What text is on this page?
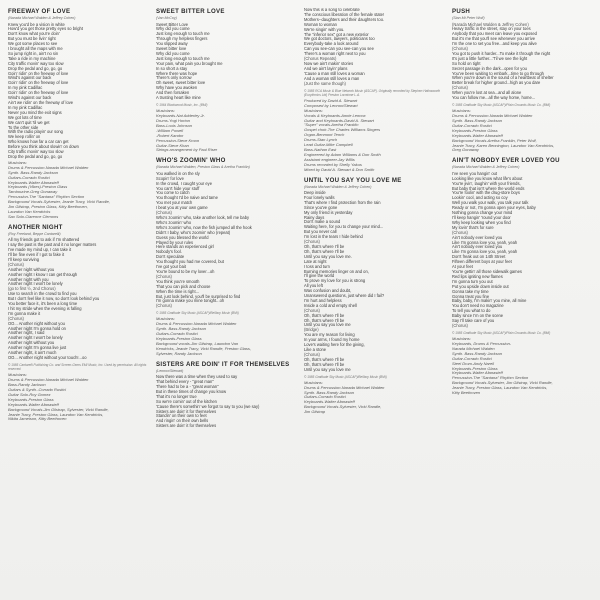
FREEWAY OF LOVE
(Narada Michael Walden & Jeffrey Cohen)

Knew you'd be a vision in white

How'd you get those pretty eyes so bright

Don't know what you're doin'

But you must be livin' right

We got some places to see

I brought all the maps with me

So jump right in, ain't no sin

Take a ride in my machine

City traffic movin' way too slow

Drop the pedal and go, go, go

Goin' ridin' on the freeway of love

Wind's against our back

Goin' ridin' on the freeway of love

In my pink Cadillac

Goin' ridin' on the freeway of love

Wind's against our back

Ain't we ridin' on the freeway of love

In my pink Cadillac

Never you mind the exit signs

We got lots of time

We can't quit 'til we get

To the other side

With the radio playin' our song

We keep rollin' on

Who knows how far a car can get

Before you think about slowin' on down

City traffic movin' way too slow

Drop the pedal and go, go, go

Musicians:

Drums & Percussion-Narada Michael Walden

Synth. Bass-Randy Jackson

Guitars-Corrado Rustici

Keyboards-Walter Afanasieff

Keyboards (Vibes)-Preston Glass

Tambourine-Greg Gonaway

Percussion-The "Santana" Rhythm Section

Background Vocals-Sylvester, Jeanie Tracy, Vicki Randle,

Jim Gilstrap, Preston Glass, Kitty Beethoven,

Laundon Van Kendricks

Sax Solo-Clarence Clemons

ANOTHER NIGHT
(Roy Freeland, Beppe Cantarelli)

All my friends got to ask if I'm shattered

I say the past is the past and it no longer matters

I've made my mind up, I can take it

I'll be fine even if I got to fake it

I'll keep surviving

(Chorus)

Another night without you

Another night I know I can get through

Another night with you

Another night I won't be lonely

(go to first ½, 2nd Chorus)

Use to search in the crowd to find you

But I don't feel like it now, so don't look behind you

You better face it, it's been a long time

I hit my stride when the evening is falling

I'm gonna make it

(Chorus)

OO... Another night without you

Another night I'm gonna hold on

Another night, I said

Another night I won't be lonely

Another night without you

Another night I'm gonna live just

Another night, it ain't much

OO... Another night without your touch!...oo

© 1985 Cantarelli Publishing Co. and Screen-Gems EMI Music, Inc. Used by permission. All rights reserved.

Musicians:

Drums & Percussion-Narada Michael Walden

Bass-Randy Jackson

Guitars & Synth.-Corrado Rustici

Guitar Solo-Roy Gomez

Keyboards-Preston Glass

Keyboards-Walter Afanasieff

Background Vocals-Jim Gilstrap, Sylvester, Vicki Randle,

Jeanie Tracy, Preston Glass, Laundon Van Kendricks,

Nikita Jameison, Kitty Beethoven

SWEET BITTER LOVE
(Van McCoy)

Sweet Bitter Love

Why did you come

Just long enough to touch me

Through my helpless fingers

You slipped away

Sweet bitter love

Why did you come

Just long enough to touch me

Your pain, what pain you brought me

In so short a stay

Where there was hope

There's only sorrow

Oh sweet, sweet bitter love

Why have you awoken

And then forsaken

A trusting heart like mine

© 1964 Blackwood Music, Inc. (BMI)

Musicians:

Keyboards-Nat Adderley Jr.

Drums-Yogi Horton

Bass-Louis Johnson

-William Powell

-Robert Kandor

Percussion-Steve Kroon

Guitar-Steve Khan

Strings arrangement by Paul Riser

WHO'S ZOOMIN' WHO
(Narada Michael Walden, Preston Glass & Aretha Franklin)

You walked in on the sly

Scopin' for love

In the crowd, I caught your eye

You can't hide your stuff

You come to catch

You thought I'd be naive and tame

You met your match

I beat you at your own game

(Chorus)

Who's zoomin' who, take another look, tell me baby

Who's zoomin' who

Who's zoomin' who, now the fish jumped all the hook

Didn't I baby, who's zoomin' who (repeat)

Guess you blessed the world

Played by your rules

Here stands an experienced girl

Nobody's fool.

Don't speculate

You thought you had me covered, but

I've got your bait

You're bound to be my lover...oh

(Chorus)

You think you're smooth

That you can pick and choose

When the time is right...

But, just look behind, you'll be surprised to find

I'm gonna make you mine tonight...oh

(Chorus)

© 1985 Gratitude Sky Music (ASCAP)/Bellboy Music (BMI)

Musicians:

Drums & Percussion-Narada Michael Walden

Synth. Bass-Randy Jackson

Guitars-Corrado Rustici

Keyboards-Preston Glass

Background vocals-Jim Gilstrap, Laundon Van

Kendricks, Jeanie Tracy, Vicki Randle, Preston Glass,

Sylvester, Randy Jackson

SISTERS ARE DOIN' IT FOR THEMSELVES
(Lennox/Stewart)

Now there was a time when they used to say

That behind every - "great man"

There had to be a - "great woman"

But in these times of change you know

That it's no longer true

So we're comin' out of the kitchen

'Cause there's somethin' we forgot to say to you (we say)

Sisters are doin' it for themselves

Standin' on their own to feet

And ringin' on their own bells

Sisters are doin' it for themselves

Now this is a song to celebrate

The conscious liberation of the female state!

Mothers--daughters and their daughters too.

Woman to woman

We're singin' with you.

The "inferior sex" got a new exterior

We got doctors, lawyers, politicians too

Everybody-take a look around

Can you see-can you see-can you see

There's a woman right next to you

(Chorus Repeats)

Now we ain't makin' stories

And we ain't layin' plans

'Cause a man still loves a woman

And a woman still loves a man

(Just the same though)

© 1985 RCA Music & Blue Network Music (ASCAP). Originally recorded by Stephen Hatinsworth (Eurythmics Ltd) Preston Lorrainne L.A.

Produced by David A. Stewart

Composed by Lennox/Stewart

Musicians:

Vocals & Keyboards-Annie Lennox

Guitar and Keyboards-David A. Stewart

"Super" vocals-Aretha Franklin

Gospel choir-The Charles Williams Singers

Organ-Benmont Tench

Drums-Stan Lynch

Lead Guitar-Mike Campbell

Bass-Nathan East

Engineered by Adam Williams & Don Smith

Assistant engineer-Jay Willis

Drums recorded by Shelly Yakus

Mixed by David A. Stewart & Don Smith

UNTIL YOU SAY YOU LOVE ME
(Narada Michael Walden & Jeffrey Cohen)

Deep inside

Four lonely walls

That's where I find protection from the rain

Since you've gone

My only friend is yesterday

Rainy days

Don't make a sound

Waiting here, for you to change your mind...

But you never call

I'm lost in the tears I hide behind

(Chorus)

Oh, that's where I'll be

Oh, that's where I'll be

Until you say you love me.

Late at night

I toss and turn

Burning memories linger on and on,

I'll give the world

To prove my love for you is strong

All you left

Was confusion and doubt,

Unanswered questions, just where did I fail?

I'm hurt and helpless

Inside a cold and empty shell

(Chorus)

Oh, that's where I'll be

Oh, that's where I'll be

Until you say you love me

(Bridge)

You are my reason for living

In your arms, I found my home

Love's waiting here for the giving,

Like a stone

(Chorus)

Oh, that's where I'll be

Oh, that's where I'll be

Until you say you love me

© 1985 Gratitude Sky Music (ASCAP)/Bellboy Music (BMI)

Musicians:

Drums & Percussion-Narada Michael Walden

Synth. Bass-Randy Jackson

Guitars-Corrado Rustici

Keyboards-Walter Afanasieff

Background Vocals-Sylvester, Vicki Randle,

Jim Gilstrap

PUSH
(Stan Mt Peter Wolf)

(Narada Michael Walden & Jeffrey Cohen)

Heavy traffic in the street, stay on your toes

Anybody that you meet can leave you exposed

But it's me that you'll see whenever you arrive

I'm the one to set you free...and keep you alive

(Chorus)

You got to push it harder...To make it through the night

It's just a little further...'Til we see the light

So hold on tight

Secret passage in the dark...open for you

You've been waiting to embark...time to go through

When you're down in the sound of a heartbeat of shelter

Better break for higher ground...high as you dare

(Chorus)

When you're lost at sea...and all alone

You can follow me...all the way home, home...

© 1985 Gratitude Sky Music (ASCAP)/Plain Grounds Music Co. (BMI)

Musicians:

Drums & Percussion-Narada Michael Walden

Synth. Bass-Randy Jackson

Guitar-Corrado Rustici

Keyboards-Preston Glass

Keyboards-Walter Afanasieff

Background Vocals-Aretha Franklin, Peter Wolf,

Jeanie Tracy, Karen Bennington, Laundon Van Kendricks,

Greg Gonaway

AIN'T NOBODY EVER LOVED YOU
(Narada Michael Walden & Jeffrey Cohen)

I've seen you hangin' out

Looking like you know what life's about

You're jivin', laughin' with your friends,

But baby that isn't where the world ends

You're foolin' with the drug-store boys

Lookin' cool, and acting so coy

Well you walk your walk, you talk your talk

Ready or not, I'm gonna open your eyes, baby

Nothing gonna change your mind

I'll keep hangin' 'round your door

Why keep looking when you find

My lovin' that's for sure

(Chorus)

Ain't nobody ever loved you

Like I'm gonna love you, yeah, yeah

Ain't nobody ever loved you

Like I'm gonna love you, yeah, yeah

Don't freak out on 14th Street

Fifteen different boys at your feet

At your feet

You're gettin' all those sidewalk games

Red lips igniting new flames

I'm gonna turn you out

Put you upside down inside out

Gonna take my time

Gonna treat you fine

Baby, baby, I'm makin' you mine, all mine

You don't need no magazine

To tell you what to do

Baby since I'm on the scene

Say I'll take care of you

(Chorus)

© 1985 Gratitude Sky Music (ASCAP)/Plain Grounds Music Co. (BMI)

Musicians:

Keyboards, Drums & Percussion-

Narada Michael Walden

Synth. Bass-Randy Jackson

Guitar-Corrado Rustici

Steel Drum-Andy Narell

Keyboards-Preston Glass

Keyboards-Walter Afanasieff

Percussion-The "Santana" Rhythm Section

Background Vocals-Sylvester, Jim Gilstrap, Vicki Randle,

Jeanie Tracy, Preston Glass, Laundon Van Kendricks,

Kitty Beethoven
